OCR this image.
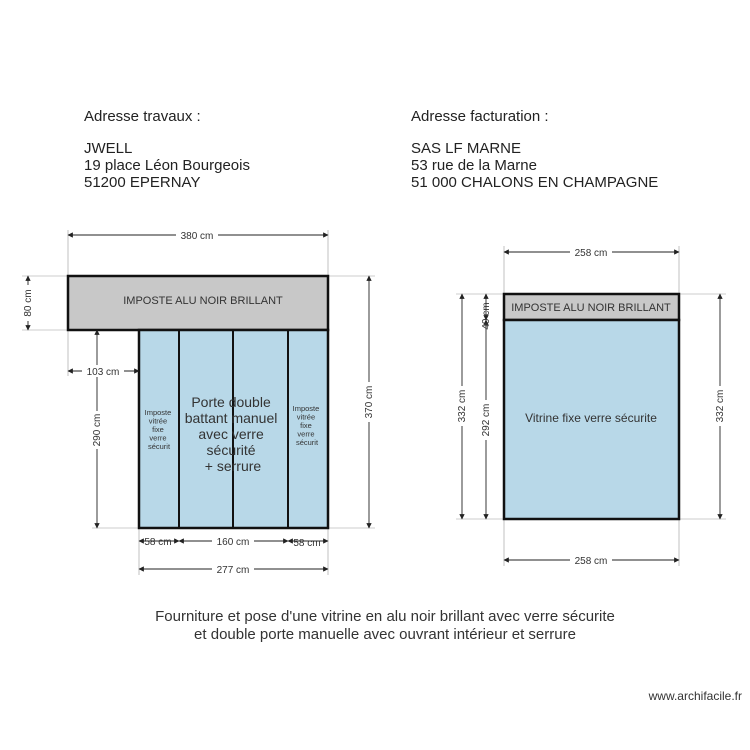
Adresse travaux :
JWELL
19 place Léon Bourgeois
51200 EPERNAY
Adresse facturation :
SAS LF MARNE
53 rue de la Marne
51 000 CHALONS EN CHAMPAGNE
IMPOSTE ALU NOIR BRILLANT
Imposte vitrée fixe verre sécurit
Imposte vitrée fixe verre sécurit
Porte double battant manuel avec verre sécurité + serrure
380 cm
80 cm
103 cm
290 cm
370 cm
58 cm	160 cm	58 cm
277 cm
IMPOSTE ALU NOIR BRILLANT
Vitrine fixe verre sécurite
258 cm
332 cm
40 cm
292 cm	332 cm
258 cm
Fourniture et pose d'une vitrine en alu noir brillant avec verre sécurite
et double porte manuelle avec ouvrant intérieur et serrure
www.archifacile.fr
